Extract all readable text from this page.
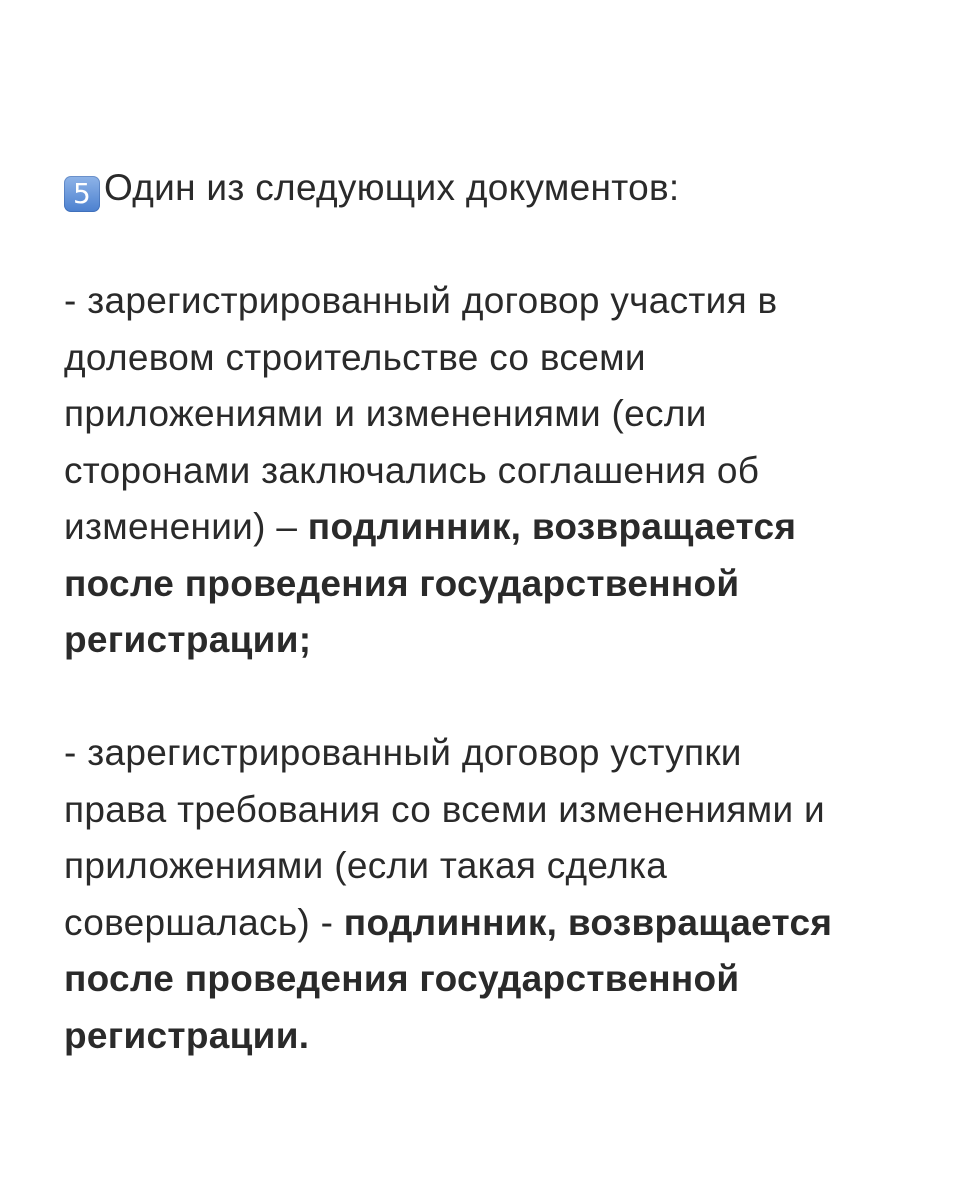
5 Один из следующих документов:

- зарегистрированный договор участия в

долевом строительстве со всеми

приложениями и изменениями (если

сторонами заключались соглашения об

изменении) – подлинник, возвращается

после проведения государственной

регистрации;

- зарегистрированный договор уступки

права требования со всеми изменениями и

приложениями (если такая сделка

совершалась) - подлинник, возвращается

после проведения государственной

регистрации.
